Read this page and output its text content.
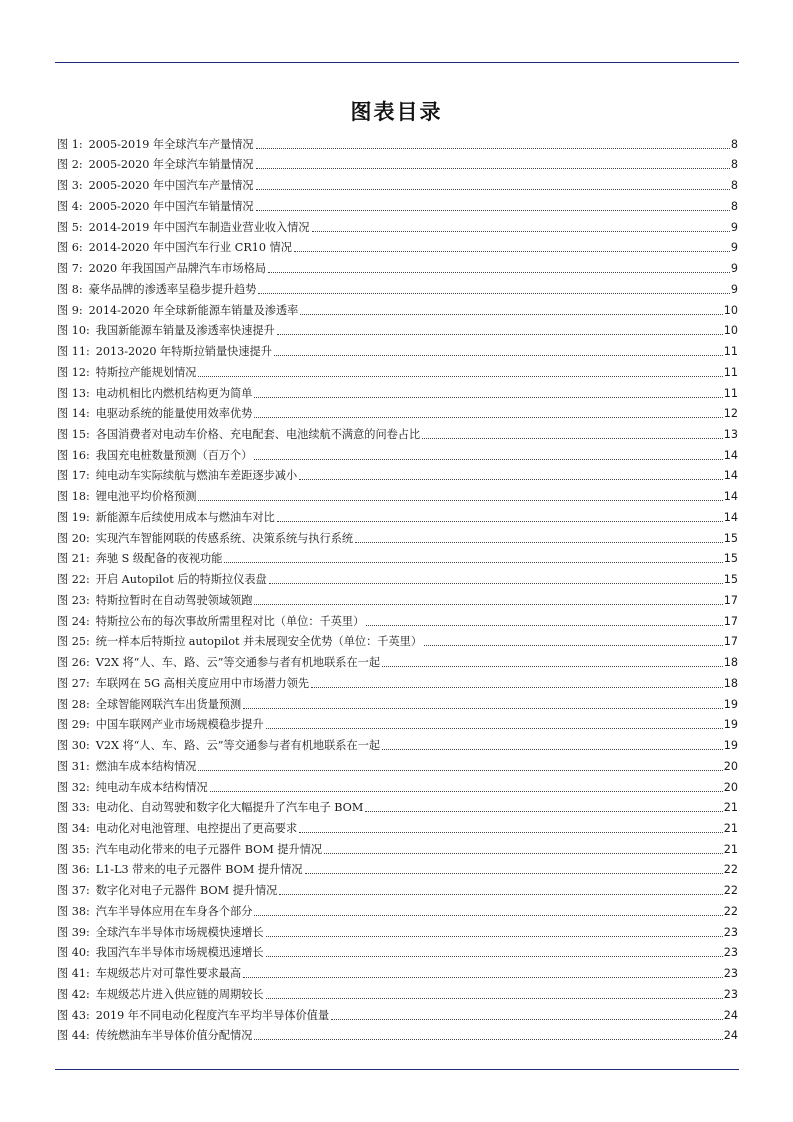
图表目录
图 1: 2005-2019 年全球汽车产量情况	8
图 2: 2005-2020 年全球汽车销量情况	8
图 3: 2005-2020 年中国汽车产量情况	8
图 4: 2005-2020 年中国汽车销量情况	8
图 5: 2014-2019 年中国汽车制造业营业收入情况	9
图 6: 2014-2020 年中国汽车行业 CR10 情况	9
图 7: 2020 年我国国产品牌汽车市场格局	9
图 8: 豪华品牌的渗透率呈稳步提升趋势	9
图 9: 2014-2020 年全球新能源车销量及渗透率	10
图 10: 我国新能源车销量及渗透率快速提升	10
图 11: 2013-2020 年特斯拉销量快速提升	11
图 12: 特斯拉产能规划情况	11
图 13: 电动机相比内燃机结构更为简单	11
图 14: 电驱动系统的能量使用效率优势	12
图 15: 各国消费者对电动车价格、充电配套、电池续航不满意的问卷占比	13
图 16: 我国充电桩数量预测（百万个）	14
图 17: 纯电动车实际续航与燃油车差距逐步减小	14
图 18: 锂电池平均价格预测	14
图 19: 新能源车后续使用成本与燃油车对比	14
图 20: 实现汽车智能网联的传感系统、决策系统与执行系统	15
图 21: 奔驰 S 级配备的夜视功能	15
图 22: 开启 Autopilot 后的特斯拉仪表盘	15
图 23: 特斯拉暂时在自动驾驶领域领跑	17
图 24: 特斯拉公布的每次事故所需里程对比（单位：千英里）	17
图 25: 统一样本后特斯拉 autopilot 并未展现安全优势（单位：千英里）	17
图 26: V2X 将“人、车、路、云”等交通参与者有机地联系在一起	18
图 27: 车联网在 5G 高相关度应用中市场潜力领先	18
图 28: 全球智能网联汽车出货量预测	19
图 29: 中国车联网产业市场规模稳步提升	19
图 30: V2X 将“人、车、路、云”等交通参与者有机地联系在一起	19
图 31: 燃油车成本结构情况	20
图 32: 纯电动车成本结构情况	20
图 33: 电动化、自动驾驶和数字化大幅提升了汽车电子 BOM	21
图 34: 电动化对电池管理、电控提出了更高要求	21
图 35: 汽车电动化带来的电子元器件 BOM 提升情况	21
图 36: L1-L3 带来的电子元器件 BOM 提升情况	22
图 37: 数字化对电子元器件 BOM 提升情况	22
图 38: 汽车半导体应用在车身各个部分	22
图 39: 全球汽车半导体市场规模快速增长	23
图 40: 我国汽车半导体市场规模迅速增长	23
图 41: 车规级芯片对可靠性要求最高	23
图 42: 车规级芯片进入供应链的周期较长	23
图 43: 2019 年不同电动化程度汽车平均半导体价值量	24
图 44: 传统燃油车半导体价值分配情况	24
